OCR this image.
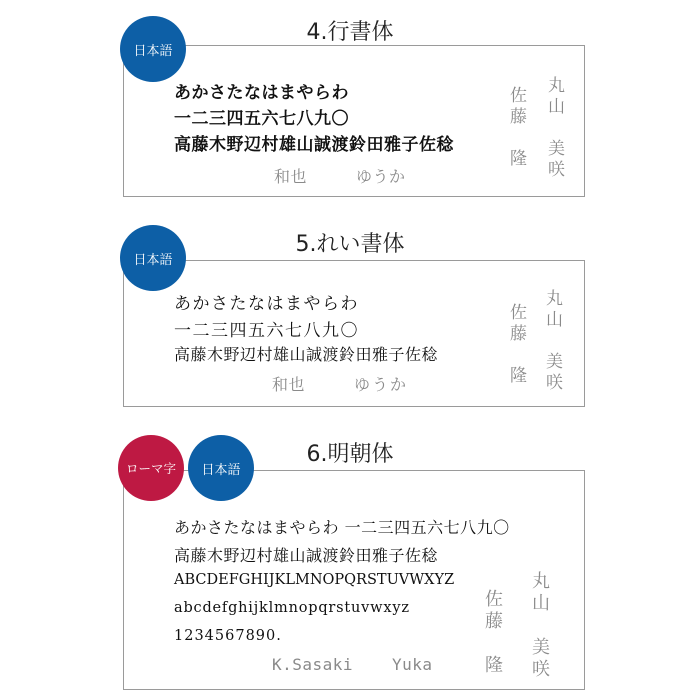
4.行書体
あかさたなはまやらわ
一二三四五六七八九〇
高藤木野辺村雄山誠渡鈴田雅子佐稔
和也	ゆうか	丸山　美咲
佐藤　隆
日本語
5.れい書体
あかさたなはまやらわ
一二三四五六七八九〇
高藤木野辺村雄山誠渡鈴田雅子佐稔
和也	ゆうか	丸山　美咲
佐藤　隆
日本語
6.明朝体
あかさたなはまやらわ 一二三四五六七八九〇
高藤木野辺村雄山誠渡鈴田雅子佐稔
ABCDEFGHIJKLMNOPQRSTUVWXYZ
abcdefghijklmnopqrstuvwxyz
1234567890.
K.Sasaki Yuka	丸山　美咲
佐藤　隆
ローマ字	日本語
